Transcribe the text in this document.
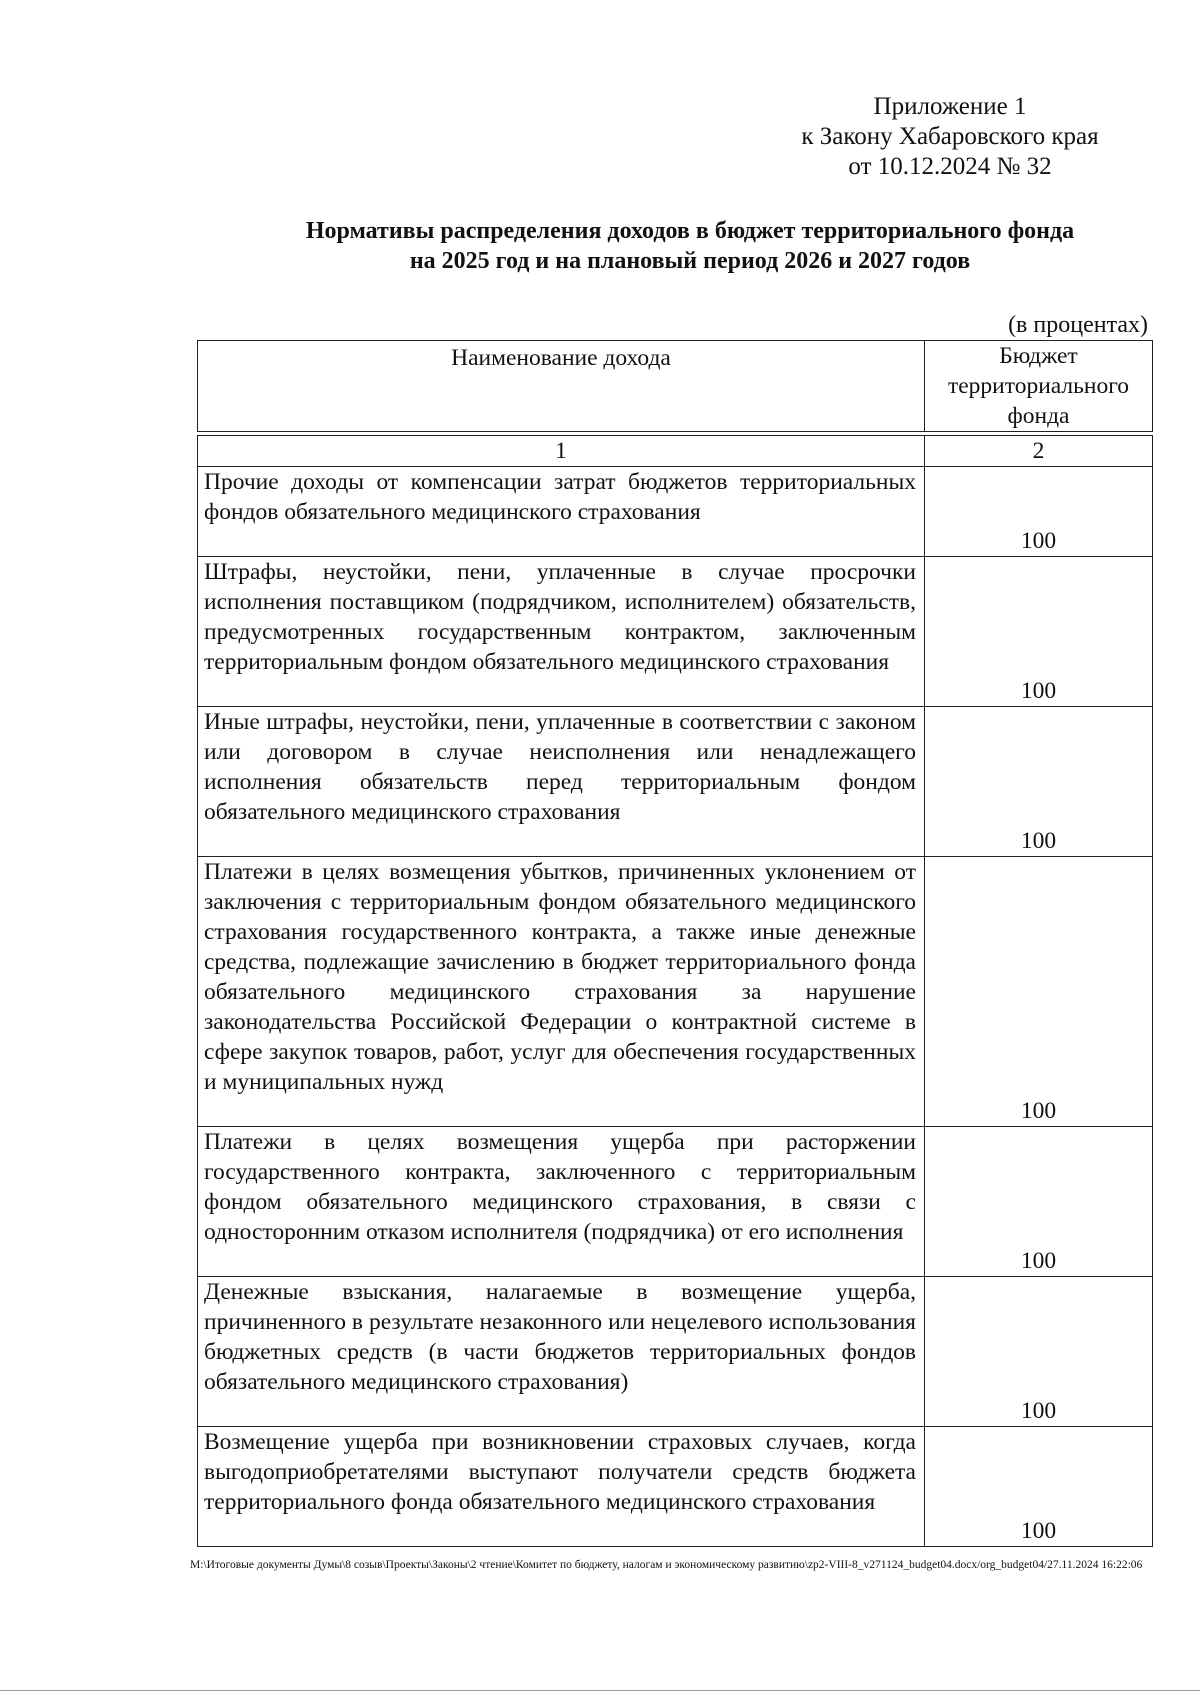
Приложение 1
к Закону Хабаровского края
от 10.12.2024 № 32
Нормативы распределения доходов в бюджет территориального фонда
на 2025 год и на плановый период 2026 и 2027 годов
(в процентах)
Наименование дохода	Бюджет
территориального
фонда

1	2
Прочие доходы от компенсации затрат бюджетов территориальных фондов обязательного медицинского страхования	100
Штрафы, неустойки, пени, уплаченные в случае просрочки исполнения поставщиком (подрядчиком, исполнителем) обязательств, предусмотренных государственным контрактом, заключенным территориальным фондом обязательного медицинского страхования	100
Иные штрафы, неустойки, пени, уплаченные в соответствии с законом или договором в случае неисполнения или ненадлежащего исполнения обязательств перед территориальным фондом обязательного медицинского страхования	100
Платежи в целях возмещения убытков, причиненных уклонением от заключения с территориальным фондом обязательного медицинского страхования государственного контракта, а также иные денежные средства, подлежащие зачислению в бюджет территориального фонда обязательного медицинского страхования за нарушение законодательства Российской Федерации о контрактной системе в сфере закупок товаров, работ, услуг для обеспечения государственных и муниципальных нужд	100
Платежи в целях возмещения ущерба при расторжении государственного контракта, заключенного с территориальным фондом обязательного медицинского страхования, в связи с односторонним отказом исполнителя (подрядчика) от его исполнения	100
Денежные взыскания, налагаемые в возмещение ущерба, причиненного в результате незаконного или нецелевого использования бюджетных средств (в части бюджетов территориальных фондов обязательного медицинского страхования)	100
Возмещение ущерба при возникновении страховых случаев, когда выгодоприобретателями выступают получатели средств бюджета территориального фонда обязательного медицинского страхования	100
M:\Итоговые документы Думы\8 созыв\Проекты\Законы\2 чтение\Комитет по бюджету, налогам и экономическому развитию\zp2-VIII-8_v271124_budget04.docx/org_budget04/27.11.2024 16:22:06
